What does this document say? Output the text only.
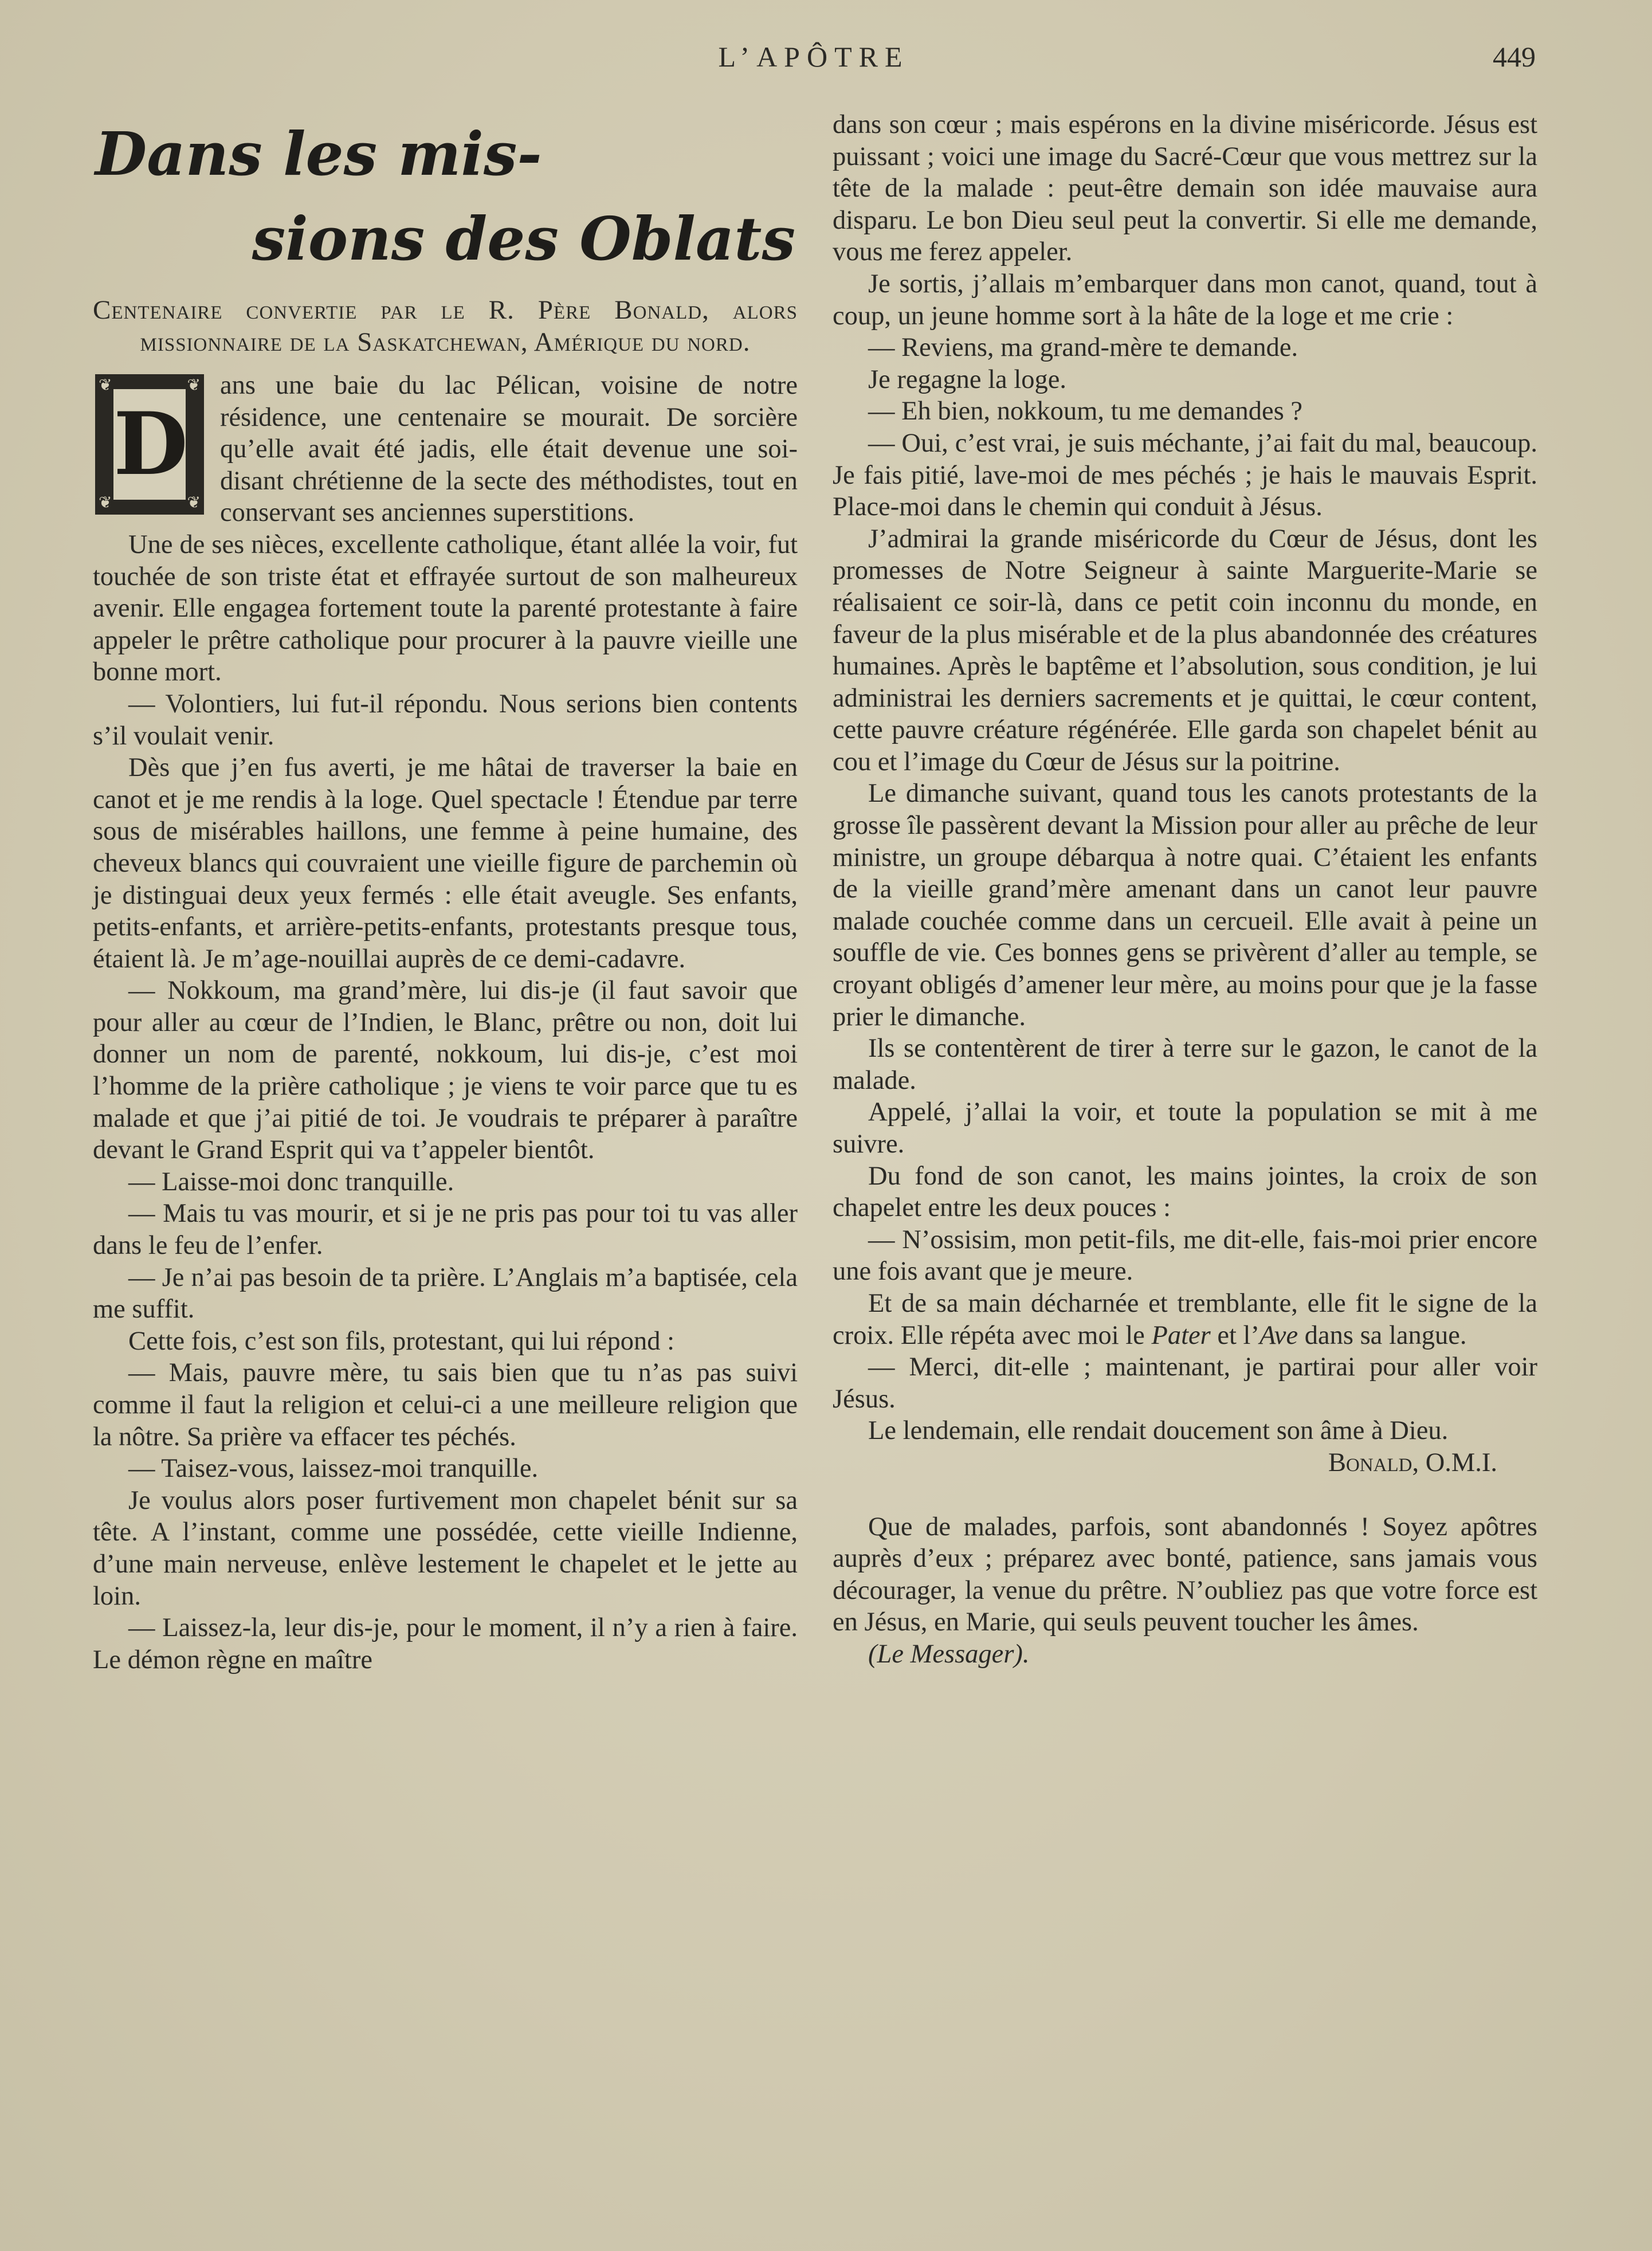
L’APÔTRE	449
Dans les mis-
sions des Oblats
Centenaire convertie par le R. Père Bonald, alors missionnaire de la Saskatchewan, Amérique du nord.

❦	❦
❦	❦
D
ans une baie du lac Pélican, voisine de notre résidence, une centenaire se mourait. De sorcière qu’elle avait été jadis, elle était devenue une soi-disant chrétienne de la secte des méthodistes, tout en conservant ses anciennes superstitions.

Une de ses nièces, excellente catholique, étant allée la voir, fut touchée de son triste état et effrayée surtout de son malheureux avenir. Elle engagea fortement toute la parenté protestante à faire appeler le prêtre catholique pour procurer à la pauvre vieille une bonne mort.

— Volontiers, lui fut-il répondu. Nous serions bien contents s’il voulait venir.

Dès que j’en fus averti, je me hâtai de traverser la baie en canot et je me rendis à la loge. Quel spectacle ! Étendue par terre sous de misérables haillons, une femme à peine humaine, des cheveux blancs qui couvraient une vieille figure de parchemin où je distinguai deux yeux fermés : elle était aveugle. Ses enfants, petits-enfants, et arrière-petits-enfants, protestants presque tous, étaient là. Je m’age-nouillai auprès de ce demi-cadavre.

— Nokkoum, ma grand’mère, lui dis-je (il faut savoir que pour aller au cœur de l’Indien, le Blanc, prêtre ou non, doit lui donner un nom de parenté, nokkoum, lui dis-je, c’est moi l’homme de la prière catholique ; je viens te voir parce que tu es malade et que j’ai pitié de toi. Je voudrais te préparer à paraître devant le Grand Esprit qui va t’appeler bientôt.

— Laisse-moi donc tranquille.

— Mais tu vas mourir, et si je ne pris pas pour toi tu vas aller dans le feu de l’enfer.

— Je n’ai pas besoin de ta prière. L’Anglais m’a baptisée, cela me suffit.

Cette fois, c’est son fils, protestant, qui lui répond :

— Mais, pauvre mère, tu sais bien que tu n’as pas suivi comme il faut la religion et celui-ci a une meilleure religion que la nôtre. Sa prière va effacer tes péchés.

— Taisez-vous, laissez-moi tranquille.

Je voulus alors poser furtivement mon chapelet bénit sur sa tête. A l’instant, comme une possédée, cette vieille Indienne, d’une main nerveuse, enlève lestement le chapelet et le jette au loin.

— Laissez-la, leur dis-je, pour le moment, il n’y a rien à faire. Le démon règne en maître

dans son cœur ; mais espérons en la divine miséricorde. Jésus est puissant ; voici une image du Sacré-Cœur que vous mettrez sur la tête de la malade : peut-être demain son idée mauvaise aura disparu. Le bon Dieu seul peut la convertir. Si elle me demande, vous me ferez appeler.

Je sortis, j’allais m’embarquer dans mon canot, quand, tout à coup, un jeune homme sort à la hâte de la loge et me crie :

— Reviens, ma grand-mère te demande.

Je regagne la loge.

— Eh bien, nokkoum, tu me demandes ?

— Oui, c’est vrai, je suis méchante, j’ai fait du mal, beaucoup. Je fais pitié, lave-moi de mes péchés ; je hais le mauvais Esprit. Place-moi dans le chemin qui conduit à Jésus.

J’admirai la grande miséricorde du Cœur de Jésus, dont les promesses de Notre Seigneur à sainte Marguerite-Marie se réalisaient ce soir-là, dans ce petit coin inconnu du monde, en faveur de la plus misérable et de la plus abandonnée des créatures humaines. Après le baptême et l’absolution, sous condition, je lui administrai les derniers sacrements et je quittai, le cœur content, cette pauvre créature régénérée. Elle garda son chapelet bénit au cou et l’image du Cœur de Jésus sur la poitrine.

Le dimanche suivant, quand tous les canots protestants de la grosse île passèrent devant la Mission pour aller au prêche de leur ministre, un groupe débarqua à notre quai. C’étaient les enfants de la vieille grand’mère amenant dans un canot leur pauvre malade couchée comme dans un cercueil. Elle avait à peine un souffle de vie. Ces bonnes gens se privèrent d’aller au temple, se croyant obligés d’amener leur mère, au moins pour que je la fasse prier le dimanche.

Ils se contentèrent de tirer à terre sur le gazon, le canot de la malade.

Appelé, j’allai la voir, et toute la population se mit à me suivre.

Du fond de son canot, les mains jointes, la croix de son chapelet entre les deux pouces :

— N’ossisim, mon petit-fils, me dit-elle, fais-moi prier encore une fois avant que je meure.

Et de sa main décharnée et tremblante, elle fit le signe de la croix. Elle répéta avec moi le Pater et l’Ave dans sa langue.

— Merci, dit-elle ; maintenant, je partirai pour aller voir Jésus.

Le lendemain, elle rendait doucement son âme à Dieu.

Bonald, O.M.I.

Que de malades, parfois, sont abandonnés ! Soyez apôtres auprès d’eux ; préparez avec bonté, patience, sans jamais vous décourager, la venue du prêtre. N’oubliez pas que votre force est en Jésus, en Marie, qui seuls peuvent toucher les âmes.

(Le Messager).
